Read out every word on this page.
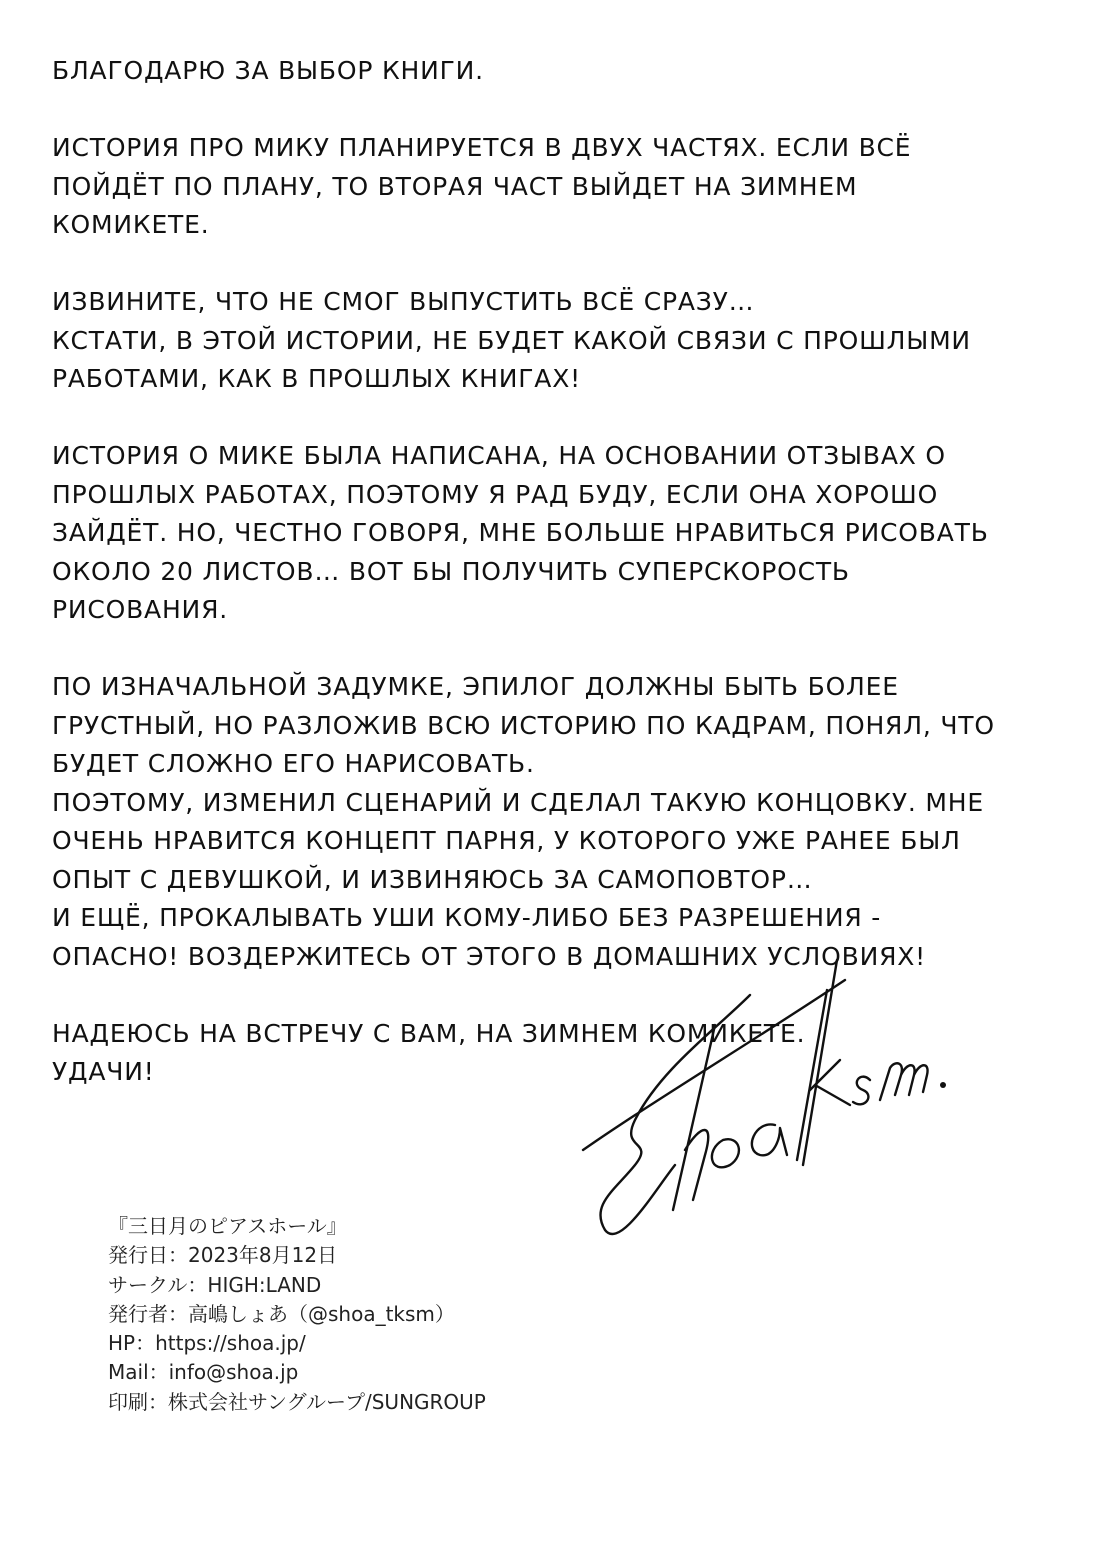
БЛАГОДАРЮ ЗА ВЫБОР КНИГИ.
ИСТОРИЯ ПРО МИКУ ПЛАНИРУЕТСЯ В ДВУХ ЧАСТЯХ. ЕСЛИ ВСЁ
ПОЙДЁТ ПО ПЛАНУ, ТО ВТОРАЯ ЧАСТ ВЫЙДЕТ НА ЗИМНЕМ
КОМИКЕТЕ.
ИЗВИНИТЕ, ЧТО НЕ СМОГ ВЫПУСТИТЬ ВСЁ СРАЗУ…
КСТАТИ, В ЭТОЙ ИСТОРИИ, НЕ БУДЕТ КАКОЙ СВЯЗИ С ПРОШЛЫМИ
РАБОТАМИ, КАК В ПРОШЛЫХ КНИГАХ!
ИСТОРИЯ О МИКЕ БЫЛА НАПИСАНА, НА ОСНОВАНИИ ОТЗЫВАХ О
ПРОШЛЫХ РАБОТАХ, ПОЭТОМУ Я РАД БУДУ, ЕСЛИ ОНА ХОРОШО
ЗАЙДЁТ. НО, ЧЕСТНО ГОВОРЯ, МНЕ БОЛЬШЕ НРАВИТЬСЯ РИСОВАТЬ
ОКОЛО 20 ЛИСТОВ… ВОТ БЫ ПОЛУЧИТЬ СУПЕРСКОРОСТЬ
РИСОВАНИЯ.
ПО ИЗНАЧАЛЬНОЙ ЗАДУМКЕ, ЭПИЛОГ ДОЛЖНЫ БЫТЬ БОЛЕЕ
ГРУСТНЫЙ, НО РАЗЛОЖИВ ВСЮ ИСТОРИЮ ПО КАДРАМ, ПОНЯЛ, ЧТО
БУДЕТ СЛОЖНО ЕГО НАРИСОВАТЬ.
ПОЭТОМУ, ИЗМЕНИЛ СЦЕНАРИЙ И СДЕЛАЛ ТАКУЮ КОНЦОВКУ. МНЕ
ОЧЕНЬ НРАВИТСЯ КОНЦЕПТ ПАРНЯ, У КОТОРОГО УЖЕ РАНЕЕ БЫЛ
ОПЫТ С ДЕВУШКОЙ, И ИЗВИНЯЮСЬ ЗА САМОПОВТОР…
И ЕЩЁ, ПРОКАЛЫВАТЬ УШИ КОМУ-ЛИБО БЕЗ РАЗРЕШЕНИЯ -
ОПАСНО! ВОЗДЕРЖИТЕСЬ ОТ ЭТОГО В ДОМАШНИХ УСЛОВИЯХ!
НАДЕЮСЬ НА ВСТРЕЧУ С ВАМ, НА ЗИМНЕМ КОМИКЕТЕ.
УДАЧИ!
『三日月のピアスホール』
発行日：2023年8月12日
サークル：HIGH:LAND
発行者：高嶋しょあ（@shoa_tksm）
HP：https://shoa.jp/
Mail：info@shoa.jp
印刷：株式会社サングループ/SUNGROUP
